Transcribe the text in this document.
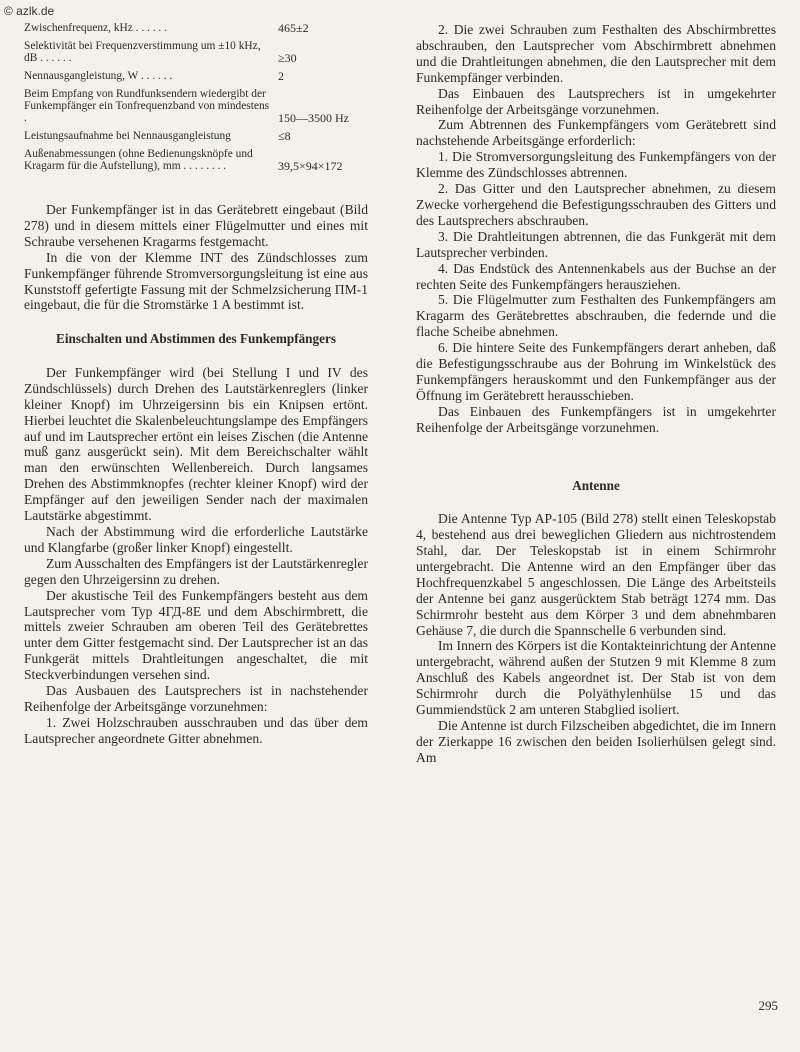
© azlk.de
Zwischenfrequenz, kHz . . . . . .	465±2
Selektivität bei Frequenzverstimmung um ±10 kHz, dB . . . . . .	≥30
Nennausgangleistung, W . . . . . .	2
Beim Empfang von Rundfunksendern wiedergibt der Funkempfänger ein Tonfrequenzband von mindestens .	150—3500 Hz
Leistungsaufnahme bei Nennausgangleistung	≤8
Außenabmessungen (ohne Bedienungsknöpfe und Kragarm für die Aufstellung), mm . . . . . . . .	39,5×94×172

Der Funkempfänger ist in das Gerätebrett eingebaut (Bild 278) und in diesem mittels einer Flügelmutter und eines mit Schraube versehenen Kragarms festgemacht.

In die von der Klemme INT des Zündschlosses zum Funkempfänger führende Stromversorgungsleitung ist eine aus Kunststoff gefertigte Fassung mit der Schmelzsicherung ПМ-1 eingebaut, die für die Stromstärke 1 A bestimmt ist.

Einschalten und Abstimmen des Funkempfängers

Der Funkempfänger wird (bei Stellung I und IV des Zündschlüssels) durch Drehen des Lautstärkenreglers (linker kleiner Knopf) im Uhrzeigersinn bis ein Knipsen ertönt. Hierbei leuchtet die Skalenbeleuchtungslampe des Empfängers auf und im Lautsprecher ertönt ein leises Zischen (die Antenne muß ganz ausgerückt sein). Mit dem Bereichschalter wählt man den erwünschten Wellenbereich. Durch langsames Drehen des Abstimmknopfes (rechter kleiner Knopf) wird der Empfänger auf den jeweiligen Sender nach der maximalen Lautstärke abgestimmt.

Nach der Abstimmung wird die erforderliche Lautstärke und Klangfarbe (großer linker Knopf) eingestellt.

Zum Ausschalten des Empfängers ist der Lautstärkenregler gegen den Uhrzeigersinn zu drehen.

Der akustische Teil des Funkempfängers besteht aus dem Lautsprecher vom Typ 4ГД-8E und dem Abschirmbrett, die mittels zweier Schrauben am oberen Teil des Gerätebrettes unter dem Gitter festgemacht sind. Der Lautsprecher ist an das Funkgerät mittels Drahtleitungen angeschaltet, die mit Steckverbindungen versehen sind.

Das Ausbauen des Lautsprechers ist in nachstehender Reihenfolge der Arbeitsgänge vorzunehmen:

1. Zwei Holzschrauben ausschrauben und das über dem Lautsprecher angeordnete Gitter abnehmen.

2. Die zwei Schrauben zum Festhalten des Abschirmbrettes abschrauben, den Lautsprecher vom Abschirmbrett abnehmen und die Drahtleitungen abnehmen, die den Lautsprecher mit dem Funkempfänger verbinden.

Das Einbauen des Lautsprechers ist in umgekehrter Reihenfolge der Arbeitsgänge vorzunehmen.

Zum Abtrennen des Funkempfängers vom Gerätebrett sind nachstehende Arbeitsgänge erforderlich:

1. Die Stromversorgungsleitung des Funkempfängers von der Klemme des Zündschlosses abtrennen.

2. Das Gitter und den Lautsprecher abnehmen, zu diesem Zwecke vorhergehend die Befestigungsschrauben des Gitters und des Lautsprechers abschrauben.

3. Die Drahtleitungen abtrennen, die das Funkgerät mit dem Lautsprecher verbinden.

4. Das Endstück des Antennenkabels aus der Buchse an der rechten Seite des Funkempfängers herausziehen.

5. Die Flügelmutter zum Festhalten des Funkempfängers am Kragarm des Gerätebrettes abschrauben, die federnde und die flache Scheibe abnehmen.

6. Die hintere Seite des Funkempfängers derart anheben, daß die Befestigungsschraube aus der Bohrung im Winkelstück des Funkempfängers herauskommt und den Funkempfänger aus der Öffnung im Gerätebrett herausschieben.

Das Einbauen des Funkempfängers ist in umgekehrter Reihenfolge der Arbeitsgänge vorzunehmen.

Antenne

Die Antenne Typ AP-105 (Bild 278) stellt einen Teleskopstab 4, bestehend aus drei beweglichen Gliedern aus nichtrostendem Stahl, dar. Der Teleskopstab ist in einem Schirmrohr untergebracht. Die Antenne wird an den Empfänger über das Hochfrequenzkabel 5 angeschlossen. Die Länge des Arbeitsteils der Antenne bei ganz ausgerücktem Stab beträgt 1274 mm. Das Schirmrohr besteht aus dem Körper 3 und dem abnehmbaren Gehäuse 7, die durch die Spannschelle 6 verbunden sind.

Im Innern des Körpers ist die Kontakteinrichtung der Antenne untergebracht, während außen der Stutzen 9 mit Klemme 8 zum Anschluß des Kabels angeordnet ist. Der Stab ist von dem Schirmrohr durch die Polyäthylenhülse 15 und das Gummiendstück 2 am unteren Stabglied isoliert.

Die Antenne ist durch Filzscheiben abgedichtet, die im Innern der Zierkappe 16 zwischen den beiden Isolierhülsen gelegt sind. Am

295
